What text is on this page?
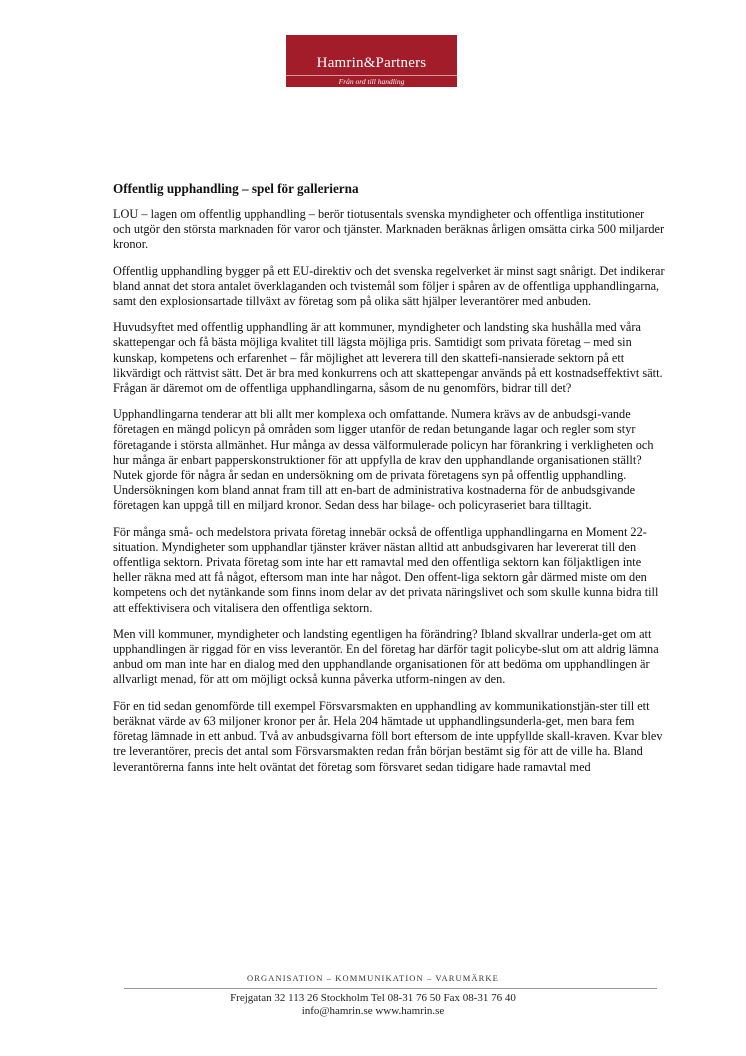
Hamrin&Partners
Från ord till handling
Offentlig upphandling – spel för gallerierna

LOU – lagen om offentlig upphandling – berör tiotusentals svenska myndigheter och offentliga institutioner och utgör den största marknaden för varor och tjänster. Marknaden beräknas årligen omsätta cirka 500 miljarder kronor.

Offentlig upphandling bygger på ett EU-direktiv och det svenska regelverket är minst sagt snårigt. Det indikerar bland annat det stora antalet överklaganden och tvistemål som följer i spåren av de offentliga upphandlingarna, samt den explosionsartade tillväxt av företag som på olika sätt hjälper leverantörer med anbuden.

Huvudsyftet med offentlig upphandling är att kommuner, myndigheter och landsting ska hushålla med våra skattepengar och få bästa möjliga kvalitet till lägsta möjliga pris. Samtidigt som privata företag – med sin kunskap, kompetens och erfarenhet – får möjlighet att leverera till den skattefi-nansierade sektorn på ett likvärdigt och rättvist sätt. Det är bra med konkurrens och att skattepengar används på ett kostnadseffektivt sätt. Frågan är däremot om de offentliga upphandlingarna, såsom de nu genomförs, bidrar till det?

Upphandlingarna tenderar att bli allt mer komplexa och omfattande. Numera krävs av de anbudsgi-vande företagen en mängd policyn på områden som ligger utanför de redan betungande lagar och regler som styr företagande i största allmänhet. Hur många av dessa välformulerade policyn har förankring i verkligheten och hur många är enbart papperskonstruktioner för att uppfylla de krav den upphandlande organisationen ställt? Nutek gjorde för några år sedan en undersökning om de privata företagens syn på offentlig upphandling. Undersökningen kom bland annat fram till att en-bart de administrativa kostnaderna för de anbudsgivande företagen kan uppgå till en miljard kronor. Sedan dess har bilage- och policyraseriet bara tilltagit.

För många små- och medelstora privata företag innebär också de offentliga upphandlingarna en Moment 22-situation. Myndigheter som upphandlar tjänster kräver nästan alltid att anbudsgivaren har levererat till den offentliga sektorn. Privata företag som inte har ett ramavtal med den offentliga sektorn kan följaktligen inte heller räkna med att få något, eftersom man inte har något. Den offent-liga sektorn går därmed miste om den kompetens och det nytänkande som finns inom delar av det privata näringslivet och som skulle kunna bidra till att effektivisera och vitalisera den offentliga sektorn.

Men vill kommuner, myndigheter och landsting egentligen ha förändring? Ibland skvallrar underla-get om att upphandlingen är riggad för en viss leverantör. En del företag har därför tagit policybe-slut om att aldrig lämna anbud om man inte har en dialog med den upphandlande organisationen för att bedöma om upphandlingen är allvarligt menad, för att om möjligt också kunna påverka utform-ningen av den.

För en tid sedan genomförde till exempel Försvarsmakten en upphandling av kommunikationstjän-ster till ett beräknat värde av 63 miljoner kronor per år. Hela 204 hämtade ut upphandlingsunderla-get, men bara fem företag lämnade in ett anbud. Två av anbudsgivarna föll bort eftersom de inte uppfyllde skall-kraven. Kvar blev tre leverantörer, precis det antal som Försvarsmakten redan från början bestämt sig för att de ville ha. Bland leverantörerna fanns inte helt oväntat det företag som försvaret sedan tidigare hade ramavtal med

ORGANISATION – KOMMUNIKATION – VARUMÄRKE
Frejgatan 32 113 26 Stockholm Tel 08-31 76 50 Fax 08-31 76 40
info@hamrin.se www.hamrin.se
